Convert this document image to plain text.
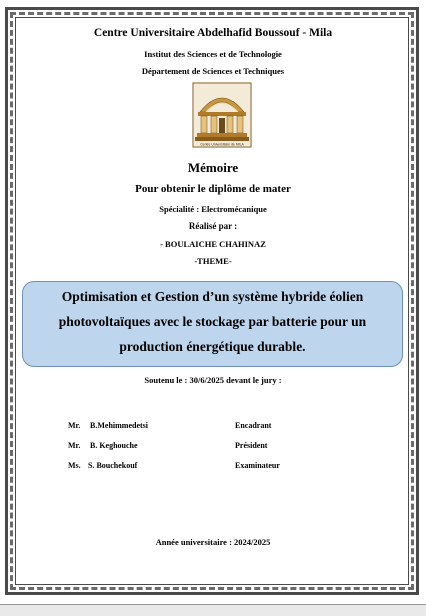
Centre Universitaire Abdelhafid Boussouf - Mila
Institut des Sciences et de Technologie
Département de Sciences et Techniques
Centre Universitaire de MILA
Mémoire
Pour obtenir le diplôme de mater
Spécialité : Electromécanique
Réalisé par :
- BOULAICHE CHAHINAZ
-THEME-
Optimisation et Gestion d’un système hybride éolien
photovoltaïques avec le stockage par batterie pour un
production énergétique durable.
Soutenu le : 30/6/2025 devant le jury :
Mr. B.Mehimmedetsi	Encadrant
Mr. B. Keghouche	Président
Ms. S. Bouchekouf	Examinateur
Année universitaire : 2024/2025
